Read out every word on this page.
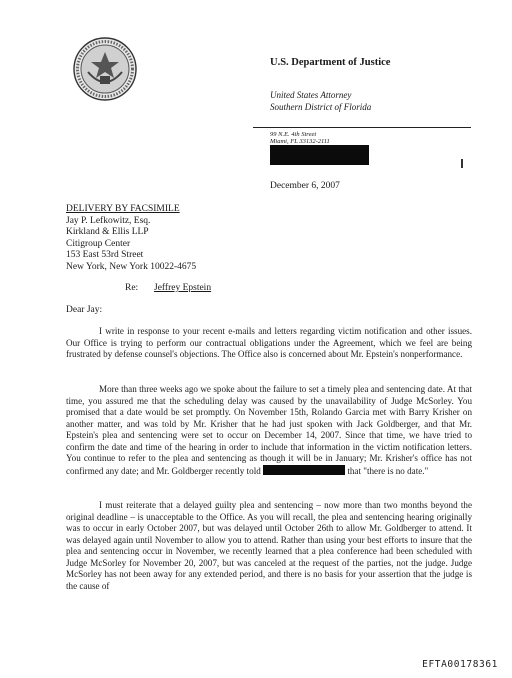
U.S. Department of Justice
United States Attorney
Southern District of Florida
99 N.E. 4th Street
Miami, FL 33132-2111
December 6, 2007
DELIVERY BY FACSIMILE
Jay P. Lefkowitz, Esq.
Kirkland & Ellis LLP
Citigroup Center
153 East 53rd Street
New York, New York 10022-4675
Re: Jeffrey Epstein
Dear Jay:
I write in response to your recent e-mails and letters regarding victim notification and other issues. Our Office is trying to perform our contractual obligations under the Agreement, which we feel are being frustrated by defense counsel's objections. The Office also is concerned about Mr. Epstein's nonperformance.
More than three weeks ago we spoke about the failure to set a timely plea and sentencing date. At that time, you assured me that the scheduling delay was caused by the unavailability of Judge McSorley. You promised that a date would be set promptly. On November 15th, Rolando Garcia met with Barry Krisher on another matter, and was told by Mr. Krisher that he had just spoken with Jack Goldberger, and that Mr. Epstein's plea and sentencing were set to occur on December 14, 2007. Since that time, we have tried to confirm the date and time of the hearing in order to include that information in the victim notification letters. You continue to refer to the plea and sentencing as though it will be in January; Mr. Krisher's office has not confirmed any date; and Mr. Goldberger recently told	that "there is no date."
I must reiterate that a delayed guilty plea and sentencing – now more than two months beyond the original deadline – is unacceptable to the Office. As you will recall, the plea and sentencing hearing originally was to occur in early October 2007, but was delayed until October 26th to allow Mr. Goldberger to attend. It was delayed again until November to allow you to attend. Rather than using your best efforts to insure that the plea and sentencing occur in November, we recently learned that a plea conference had been scheduled with Judge McSorley for November 20, 2007, but was canceled at the request of the parties, not the judge. Judge McSorley has not been away for any extended period, and there is no basis for your assertion that the judge is the cause of
EFTA00178361
